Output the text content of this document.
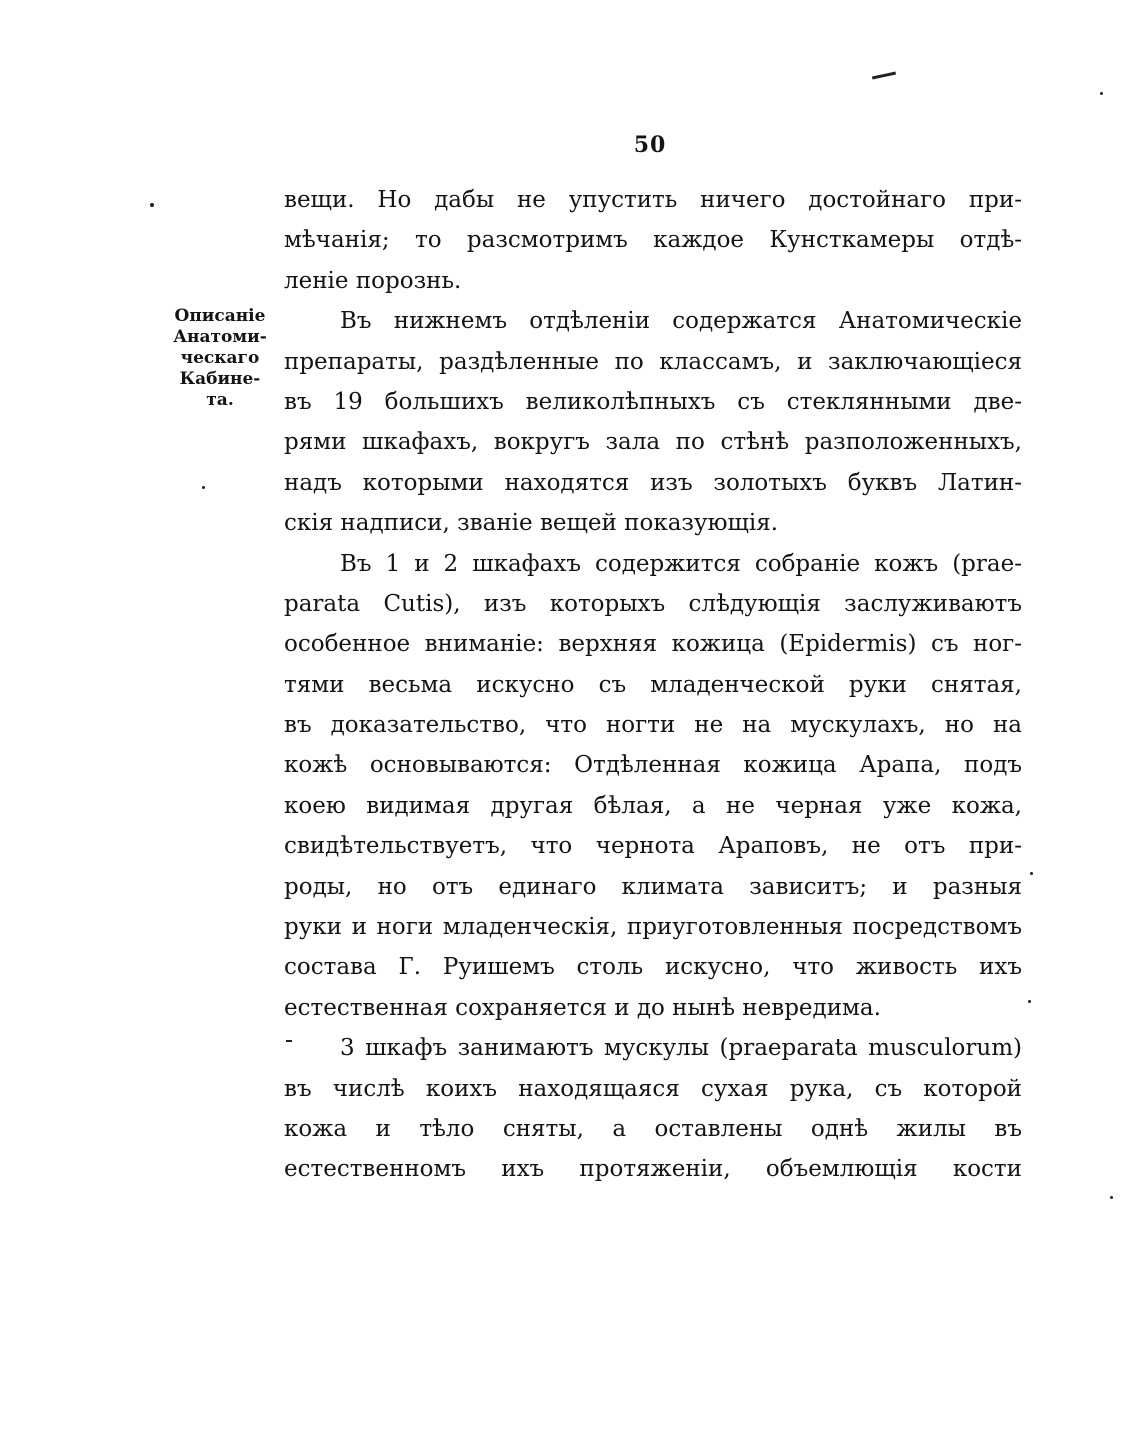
50
Описаніе
Анатоми-
ческаго
Кабине-
та.
вещи. Но дабы не упустить ничего достойнаго при-
мѣчанія; то разсмотримъ каждое Кунсткамеры отдѣ-
леніе порознь.
Въ нижнемъ отдѣленіи содержатся Анатомическіе
препараты, раздѣленные по классамъ, и заключающіеся
въ 19 большихъ великолѣпныхъ съ стеклянными две-
рями шкафахъ, вокругъ зала по стѣнѣ разположенныхъ,
надъ которыми находятся изъ золотыхъ буквъ Латин-
скія надписи, званіе вещей показующія.
Въ 1 и 2 шкафахъ содержится собраніе кожъ (prae-
parata Cutis), изъ которыхъ слѣдующія заслуживаютъ
особенное вниманіе: верхняя кожица (Epidermis) съ ног-
тями весьма искусно съ младенческой руки снятая,
въ доказательство, что ногти не на мускулахъ, но на
кожѣ основываются: Отдѣленная кожица Арапа, подъ
коею видимая другая бѣлая, а не черная уже кожа,
свидѣтельствуетъ, что чернота Араповъ, не отъ при-
роды, но отъ единаго климата зависитъ; и разныя
руки и ноги младенческія, приуготовленныя посредствомъ
состава Г. Руишемъ столь искусно, что живость ихъ
естественная сохраняется и до нынѣ невредима.
3 шкафъ занимаютъ мускулы (praeparata musculorum)
въ числѣ коихъ находящаяся сухая рука, съ которой
кожа и тѣло сняты, а оставлены однѣ жилы въ
естественномъ ихъ протяженіи, объемлющія кости
